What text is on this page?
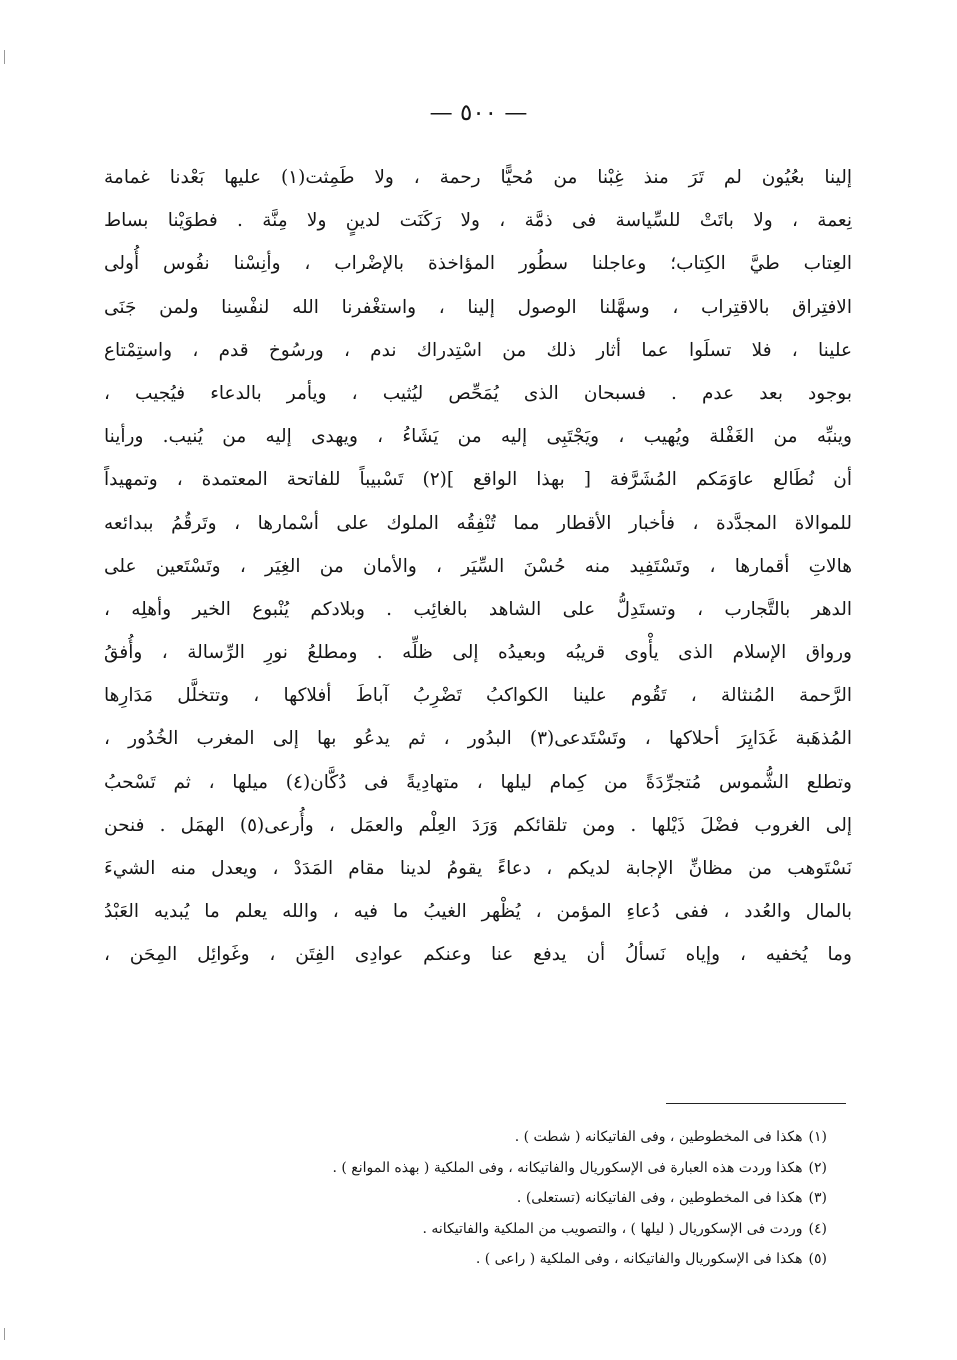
— ٥٠٠ —
إلينا بعُيُون لم تَرَ منذ غِبْنا من مُحيًّا رحمة ، ولا طَمِثت(١) عليها بَعْدنا غمامة
نِعمة ، ولا باتَتْ للسِّياسة فى ذمَّة ، ولا رَكَنَت لدينٍ ولا مِنَّة . فطوَيْنا بساط
العِتاب طيَّ الكِتاب؛ وعاجلنا سطُور المؤاخذة بالإضْراب ، وأنِسْنا نفُوس أُولى
الافتِراق بالاقتِراب ، وسهَّلنا الوصول إلينا ، واستغْفرنا الله لنفْسِنا ولمن جَنَى
علينا ، فلا تسلَوا عما أثار ذلك من اسْتِدراك ندم ، ورسُوخ قدم ، واستِمْتاع
بوجود بعد عدم . فسبحان الذى يُمَحِّص ليُثيب ، ويأمر بالدعاء فيُجيب ،
وينبِّه من الغَفْلة ويُهيب ، ويَجْتَبِى إليه من يَشَاءُ ، ويهدى إليه من يُنيب. ورأينا
أن نُطَالع عاوَمَكم المُشَرَّفة [ بهذا الواقع ](٢) تَسْبيباً للفاتحة المعتمدة ، وتمهيداً
للموالاة المجدَّدة ، فأخبار الأقطار مما تُنْفِقُه الملوك على أسْمارها ، وتَرقُمُ ببدائعه
هالاتِ أقمارها ، وتَسْتَفِيد منه حُسْنَ السِّيَر ، والأمان من الغِيَر ، وتَسْتَعين على
الدهر بالتَّجارب ، وتستَدِلُّ على الشاهد بالغائِب . وبلادكم يُنْبوع الخير وأهلِه ،
ورواق الإسلام الذى يأْوى قريبُه وبعيدُه إلى ظلِّه . ومطلعُ نورِ الرِّسالة ، وأُفقُ
الرَّحمة المُنثالة ، تَقُوم علينا الكواكبُ تَضْرِبُ آباطَ أفلاكها ، وتتخلَّل مَدَارِها
المُذهَبة غَدَايِرَ أحلاكها ، وتَسْتَدعى(٣) البدُور ، ثم يدعُو بها إلى المغرب الخُدُور ،
وتطلع الشُّموس مُتجرِّدَةً من كِمام ليلها ، متهادِيةً فى دُكَّان(٤) ميلها ، ثم تَسْحبُ
إلى الغروب فضْلَ ذَيْلها . ومن تلقائكم وَرَدَ العِلْم والعمَل ، وأُرعى(٥) الهمَل . فنحن
نَسْتَوهب من مظانِّ الإجابة لديكم ، دعاءً يقومُ لدينا مقام المَدَدْ ، ويعدل منه الشيءَ
بالمال والعُدد ، ففى دُعاءِ المؤمن ، يُظْهر الغيبُ ما فيه ، والله يعلم ما يُبديه العَبْدُ
وما يُخفيه ، وإياه نَسألُ أن يدفع عنا وعنكم عوادِى الفِتَن ، وغَوائِل المِحَن ،
(١)هكذا فى المخطوطين ، وفى الفاتيكانه ( شطت ) .
(٢)هكذا وردت هذه العبارة فى الإسكوريال والفاتيكانه ، وفى الملكية ( بهذه الموانع ) .
(٣)هكذا فى المخطوطين ، وفى الفاتيكانه (تستعلى) .
(٤)وردت فى الإسكوريال ( ليلها ) ، والتصويب من الملكية والفاتيكانه .
(٥)هكذا فى الإسكوريال والفاتيكانه ، وفى الملكية ( راعى ) .
